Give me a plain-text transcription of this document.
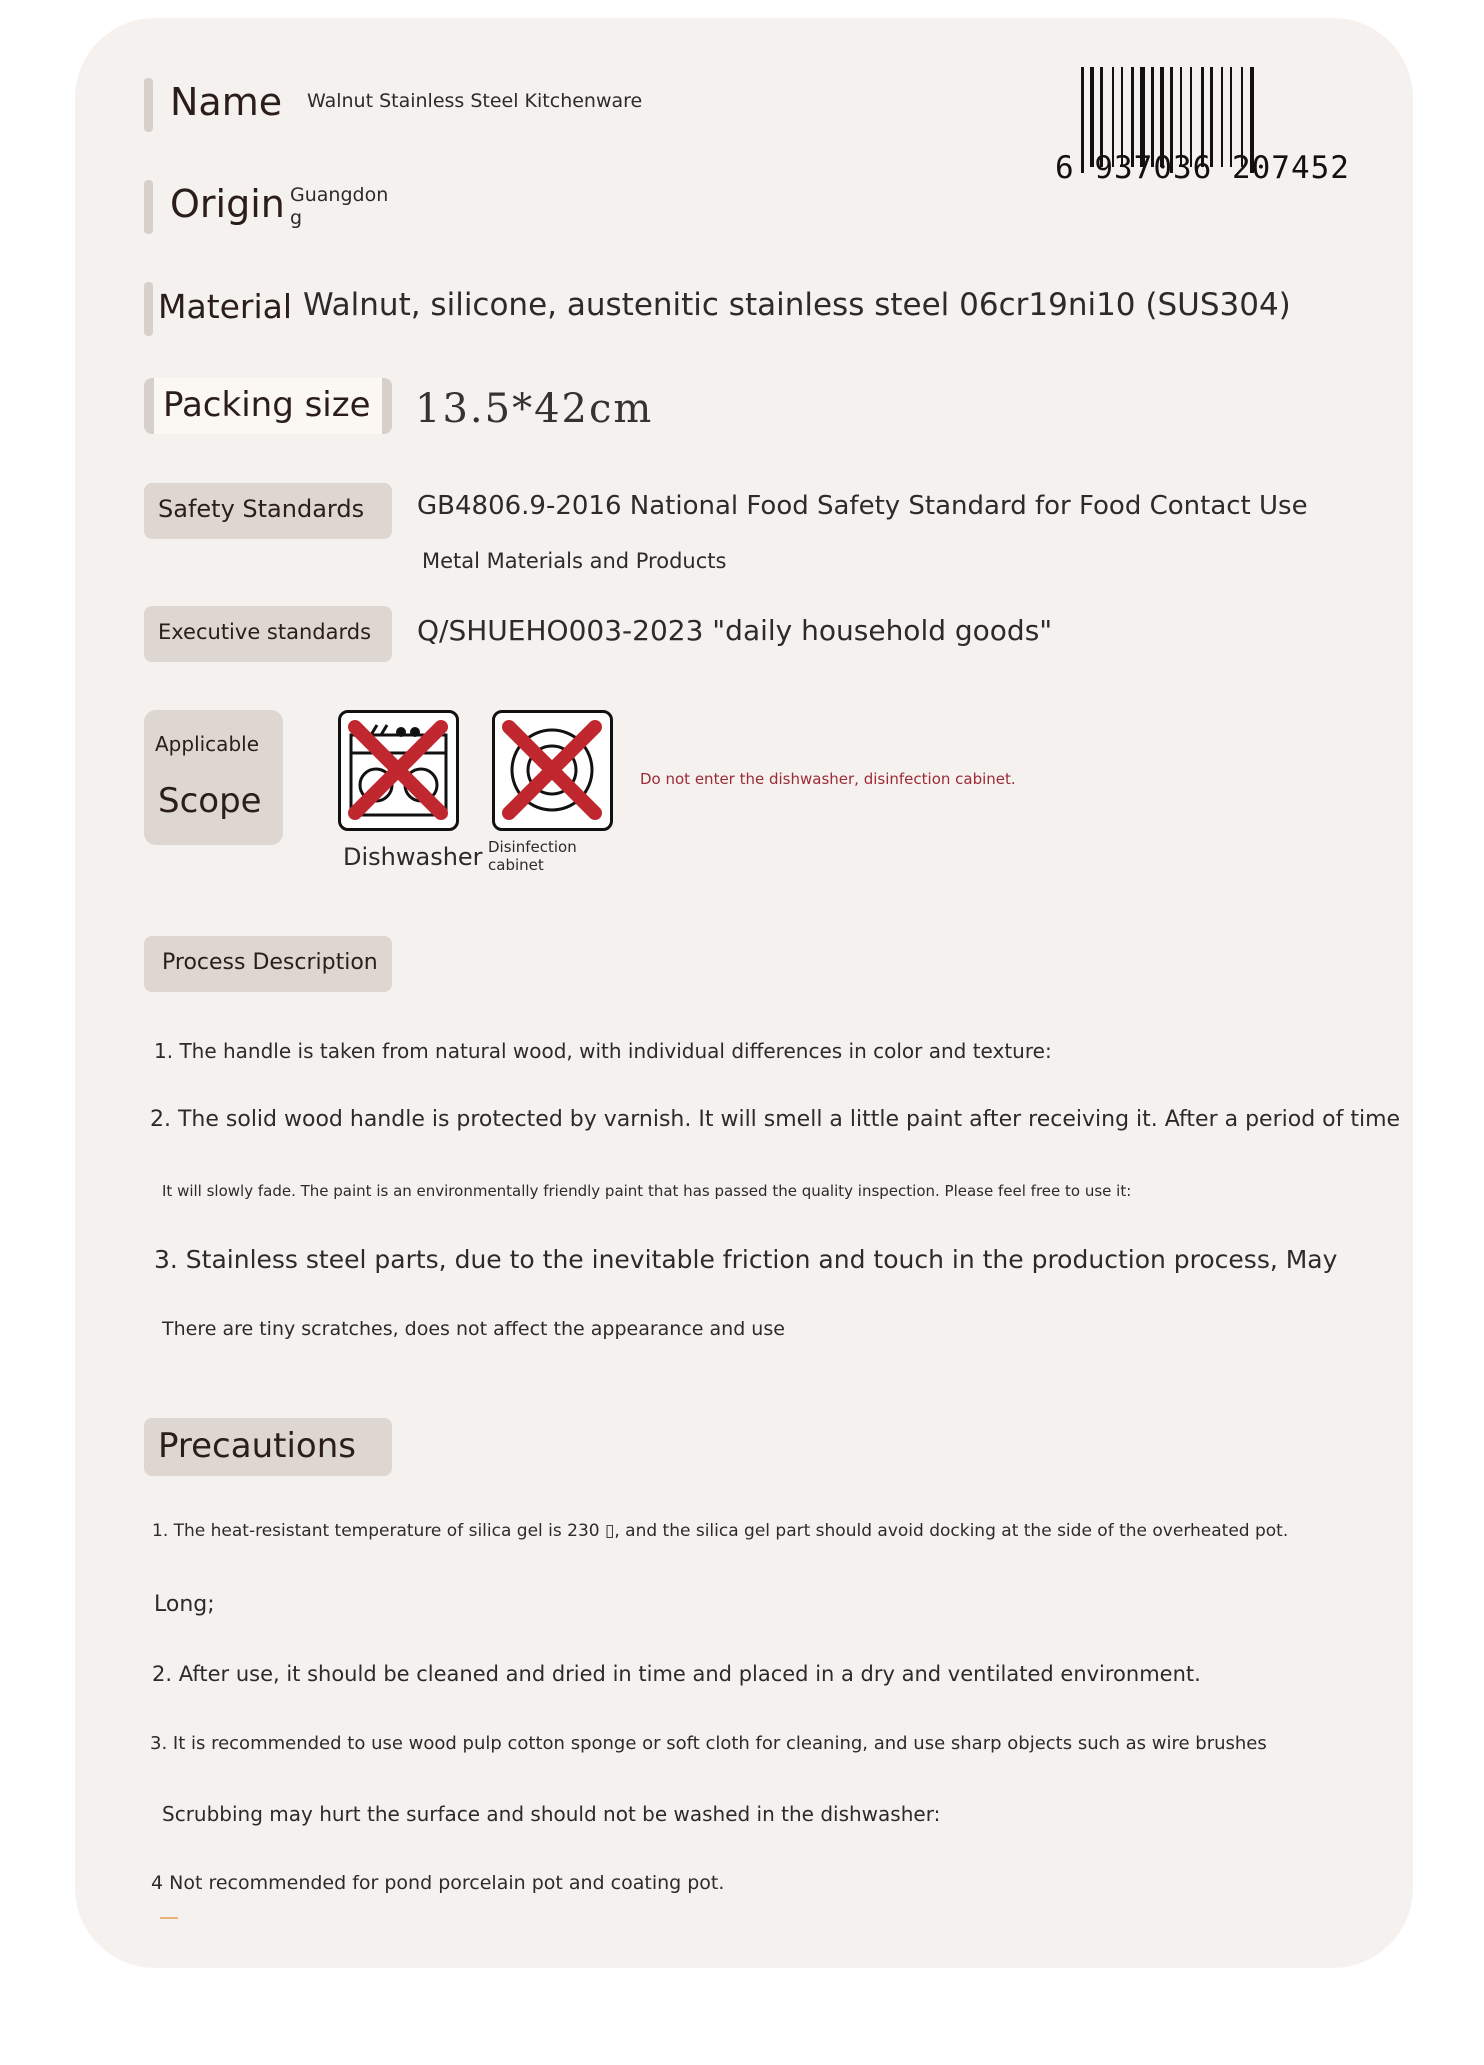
6 937036 207452
Name Walnut Stainless Steel Kitchenware
Origin Guangdon
g
Material Walnut, silicone, austenitic stainless steel 06cr19ni10 (SUS304)
Packing size 13.5*42cm
Safety Standards GB4806.9-2016 National Food Safety Standard for Food Contact Use
Metal Materials and Products
Executive standards Q/SHUEHO003-2023 "daily household goods"
Applicable
Scope
Dishwasher Disinfection
cabinet
Do not enter the dishwasher, disinfection cabinet.
Process Description
1. The handle is taken from natural wood, with individual differences in color and texture:
2. The solid wood handle is protected by varnish. It will smell a little paint after receiving it. After a period of time
It will slowly fade. The paint is an environmentally friendly paint that has passed the quality inspection. Please feel free to use it:
3. Stainless steel parts, due to the inevitable friction and touch in the production process, May
There are tiny scratches, does not affect the appearance and use
Precautions
1. The heat-resistant temperature of silica gel is 230 ▯, and the silica gel part should avoid docking at the side of the overheated pot.
Long;
2. After use, it should be cleaned and dried in time and placed in a dry and ventilated environment.
3. It is recommended to use wood pulp cotton sponge or soft cloth for cleaning, and use sharp objects such as wire brushes
Scrubbing may hurt the surface and should not be washed in the dishwasher:
4 Not recommended for pond porcelain pot and coating pot.
